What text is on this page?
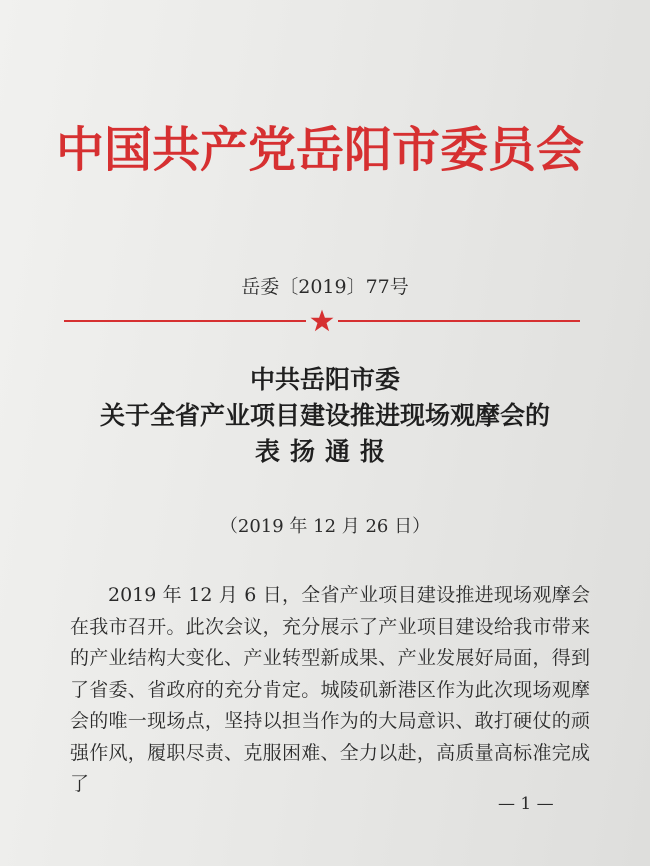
中国共产党岳阳市委员会
岳委〔2019〕77号
中共岳阳市委
关于全省产业项目建设推进现场观摩会的
表扬通报
（2019 年 12 月 26 日）

2019 年 12 月 6 日，全省产业项目建设推进现场观摩会在我市召开。此次会议，充分展示了产业项目建设给我市带来的产业结构大变化、产业转型新成果、产业发展好局面，得到了省委、省政府的充分肯定。城陵矶新港区作为此次现场观摩会的唯一现场点，坚持以担当作为的大局意识、敢打硬仗的顽强作风，履职尽责、克服困难、全力以赴，高质量高标准完成了

— 1 —
